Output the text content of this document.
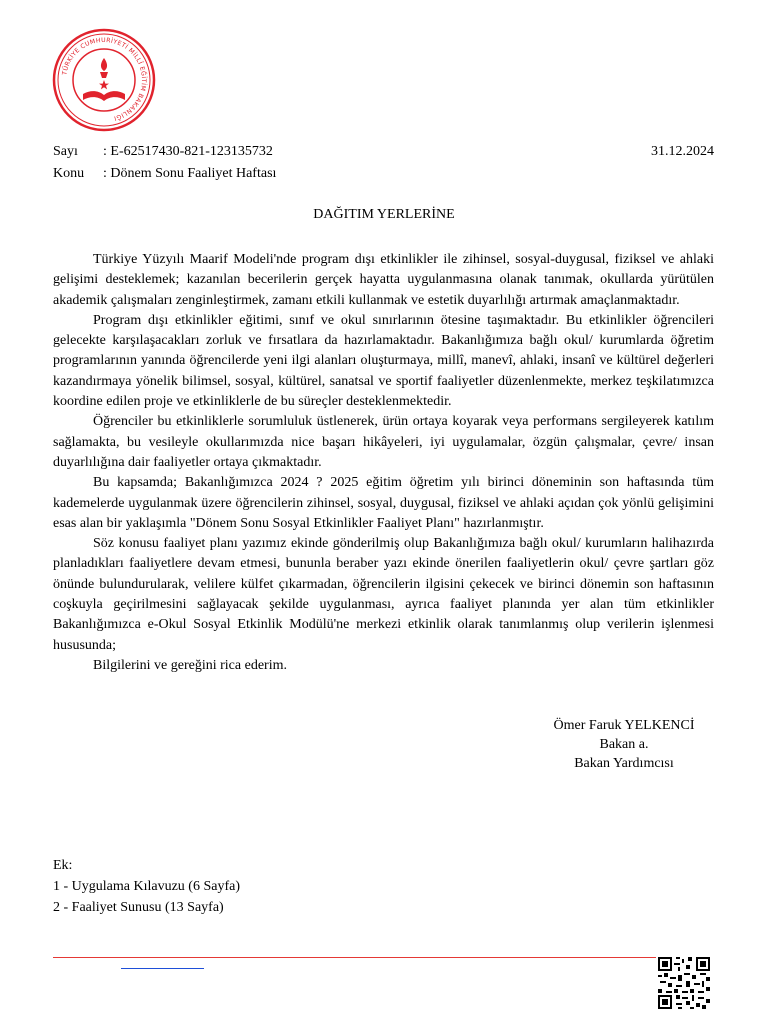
TÜRKİYE CUMHURİYETİ MİLLÎ EĞİTİM BAKANLIĞI
Sayı : E-62517430-821-123135732
Konu : Dönem Sonu Faaliyet Haftası
31.12.2024
DAĞITIM YERLERİNE

Türkiye Yüzyılı Maarif Modeli'nde program dışı etkinlikler ile zihinsel, sosyal-duygusal, fiziksel ve ahlaki gelişimi desteklemek; kazanılan becerilerin gerçek hayatta uygulanmasına olanak tanımak, okullarda yürütülen akademik çalışmaları zenginleştirmek, zamanı etkili kullanmak ve estetik duyarlılığı artırmak amaçlanmaktadır.

Program dışı etkinlikler eğitimi, sınıf ve okul sınırlarının ötesine taşımaktadır. Bu etkinlikler öğrencileri gelecekte karşılaşacakları zorluk ve fırsatlara da hazırlamaktadır. Bakanlığımıza bağlı okul/ kurumlarda öğretim programlarının yanında öğrencilerde yeni ilgi alanları oluşturmaya, millî, manevî, ahlaki, insanî ve kültürel değerleri kazandırmaya yönelik bilimsel, sosyal, kültürel, sanatsal ve sportif faaliyetler düzenlenmekte, merkez teşkilatımızca koordine edilen proje ve etkinliklerle de bu süreçler desteklenmektedir.

Öğrenciler bu etkinliklerle sorumluluk üstlenerek, ürün ortaya koyarak veya performans sergileyerek katılım sağlamakta, bu vesileyle okullarımızda nice başarı hikâyeleri, iyi uygulamalar, özgün çalışmalar, çevre/ insan duyarlılığına dair faaliyetler ortaya çıkmaktadır.

Bu kapsamda; Bakanlığımızca 2024 ? 2025 eğitim öğretim yılı birinci döneminin son haftasında tüm kademelerde uygulanmak üzere öğrencilerin zihinsel, sosyal, duygusal, fiziksel ve ahlaki açıdan çok yönlü gelişimini esas alan bir yaklaşımla "Dönem Sonu Sosyal Etkinlikler Faaliyet Planı" hazırlanmıştır.

Söz konusu faaliyet planı yazımız ekinde gönderilmiş olup Bakanlığımıza bağlı okul/ kurumların halihazırda planladıkları faaliyetlere devam etmesi, bununla beraber yazı ekinde önerilen faaliyetlerin okul/ çevre şartları göz önünde bulundurularak, velilere külfet çıkarmadan, öğrencilerin ilgisini çekecek ve birinci dönemin son haftasının coşkuyla geçirilmesini sağlayacak şekilde uygulanması, ayrıca faaliyet planında yer alan tüm etkinlikler Bakanlığımızca e-Okul Sosyal Etkinlik Modülü'ne merkezi etkinlik olarak tanımlanmış olup verilerin işlenmesi hususunda;

Bilgilerini ve gereğini rica ederim.

Ömer Faruk YELKENCİ
Bakan a.
Bakan Yardımcısı
Ek:
1 - Uygulama Kılavuzu (6 Sayfa)
2 - Faaliyet Sunusu (13 Sayfa)
